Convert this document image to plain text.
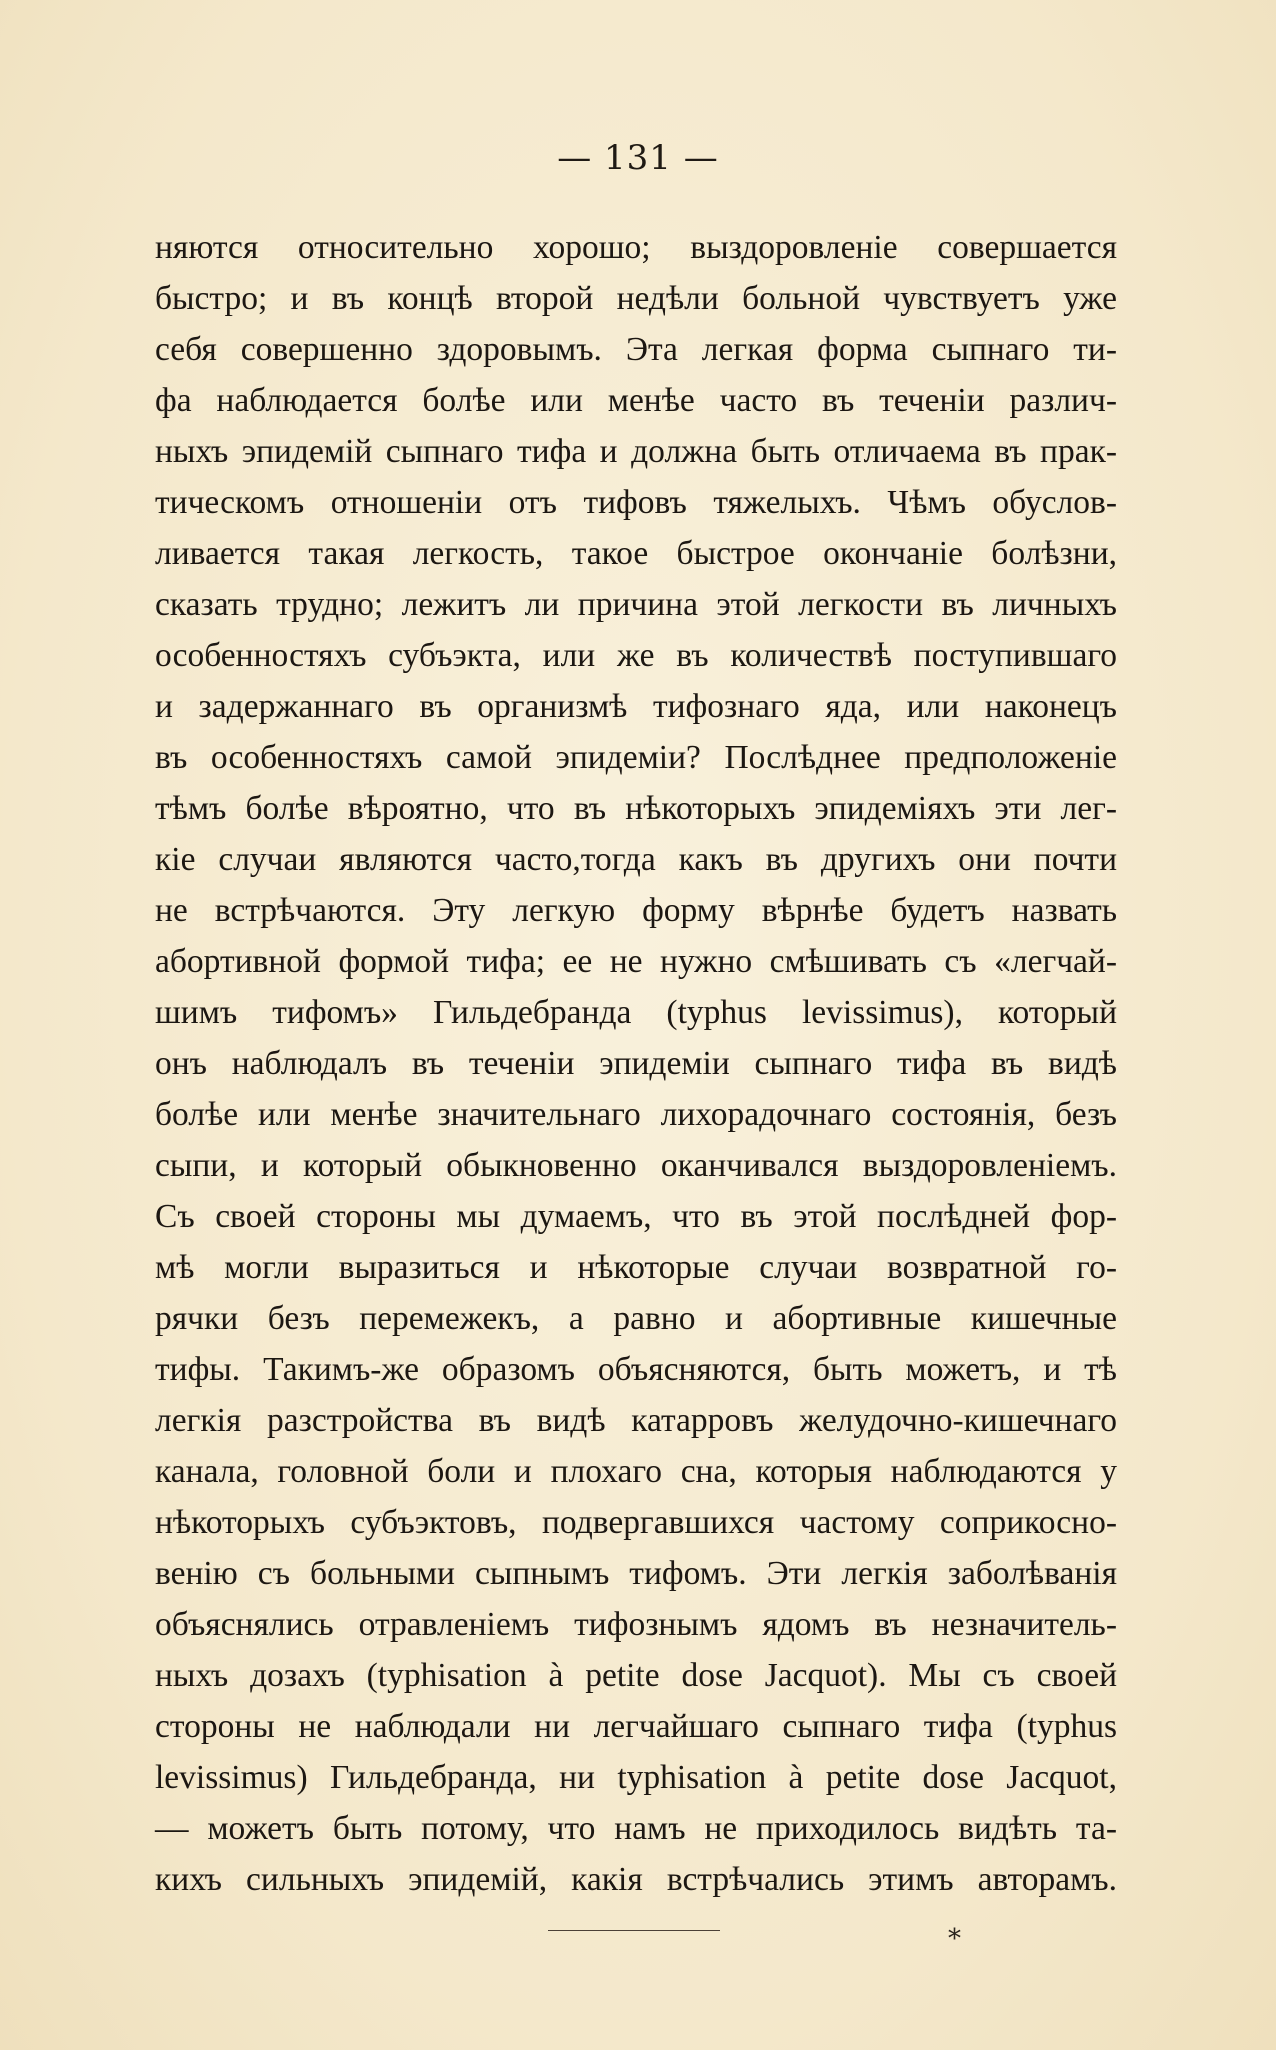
— 131 —
няются относительно хорошо; выздоровленіе совершается
быстро; и въ концѣ второй недѣли больной чувствуетъ уже
себя совершенно здоровымъ. Эта легкая форма сыпнаго ти-
фа наблюдается болѣе или менѣе часто въ теченіи различ-
ныхъ эпидемій сыпнаго тифа и должна быть отличаема въ прак-
тическомъ отношеніи отъ тифовъ тяжелыхъ. Чѣмъ обуслов-
ливается такая легкость, такое быстрое окончаніе болѣзни,
сказать трудно; лежитъ ли причина этой легкости въ личныхъ
особенностяхъ субъэкта, или же въ количествѣ поступившаго
и задержаннаго въ организмѣ тифознаго яда, или наконецъ
въ особенностяхъ самой эпидеміи? Послѣднее предположеніе
тѣмъ болѣе вѣроятно, что въ нѣкоторыхъ эпидеміяхъ эти лег-
кіе случаи являются часто,тогда какъ въ другихъ они почти
не встрѣчаются. Эту легкую форму вѣрнѣе будетъ назвать
абортивной формой тифа; ее не нужно смѣшивать съ «легчай-
шимъ тифомъ» Гильдебранда (typhus levissimus), который
онъ наблюдалъ въ теченіи эпидеміи сыпнаго тифа въ видѣ
болѣе или менѣе значительнаго лихорадочнаго состоянія, безъ
сыпи, и который обыкновенно оканчивался выздоровленіемъ.
Съ своей стороны мы думаемъ, что въ этой послѣдней фор-
мѣ могли выразиться и нѣкоторые случаи возвратной го-
рячки безъ перемежекъ, а равно и абортивные кишечные
тифы. Такимъ-же образомъ объясняются, быть можетъ, и тѣ
легкія разстройства въ видѣ катарровъ желудочно-кишечнаго
канала, головной боли и плохаго сна, которыя наблюдаются у
нѣкоторыхъ субъэктовъ, подвергавшихся частому соприкосно-
венію съ больными сыпнымъ тифомъ. Эти легкія заболѣванія
объяснялись отравленіемъ тифознымъ ядомъ въ незначитель-
ныхъ дозахъ (typhisation à petite dose Jacquot). Мы съ своей
стороны не наблюдали ни легчайшаго сыпнаго тифа (typhus
levissimus) Гильдебранда, ни typhisation à petite dose Jacquot,
— можетъ быть потому, что намъ не приходилось видѣть та-
кихъ сильныхъ эпидемій, какія встрѣчались этимъ авторамъ.
*
